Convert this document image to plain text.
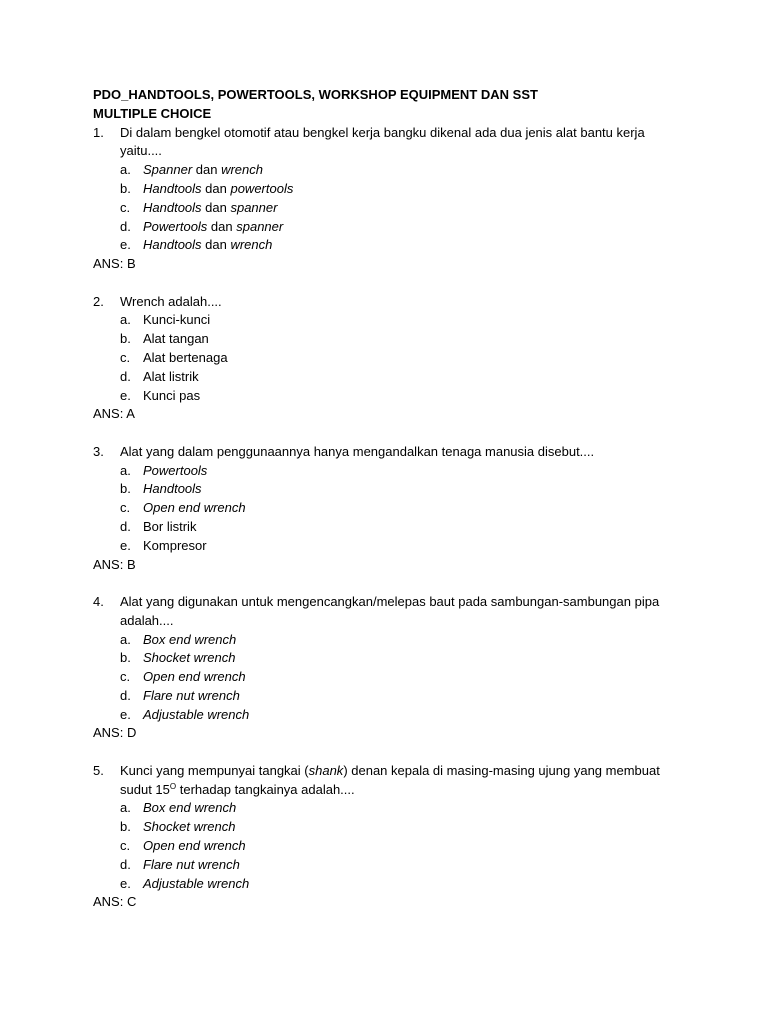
PDO_HANDTOOLS, POWERTOOLS, WORKSHOP EQUIPMENT DAN SST
MULTIPLE CHOICE
1.	Di dalam bengkel otomotif atau bengkel kerja bangku dikenal ada dua jenis alat bantu kerja
yaitu....
a. Spanner dan wrench
b. Handtools dan powertools
c. Handtools dan spanner
d. Powertools dan spanner
e. Handtools dan wrench
ANS: B
2.	Wrench adalah....
a. Kunci-kunci
b. Alat tangan
c. Alat bertenaga
d. Alat listrik
e. Kunci pas
ANS: A
3.	Alat yang dalam penggunaannya hanya mengandalkan tenaga manusia disebut....
a. Powertools
b. Handtools
c. Open end wrench
d. Bor listrik
e. Kompresor
ANS: B
4.	Alat yang digunakan untuk mengencangkan/melepas baut pada sambungan-sambungan pipa
adalah....
a. Box end wrench
b. Shocket wrench
c. Open end wrench
d. Flare nut wrench
e. Adjustable wrench
ANS: D
5.	Kunci yang mempunyai tangkai (shank) denan kepala di masing-masing ujung yang membuat
sudut $15^O$ terhadap tangkainya adalah....
a. Box end wrench
b. Shocket wrench
c. Open end wrench
d. Flare nut wrench
e. Adjustable wrench
ANS: C
